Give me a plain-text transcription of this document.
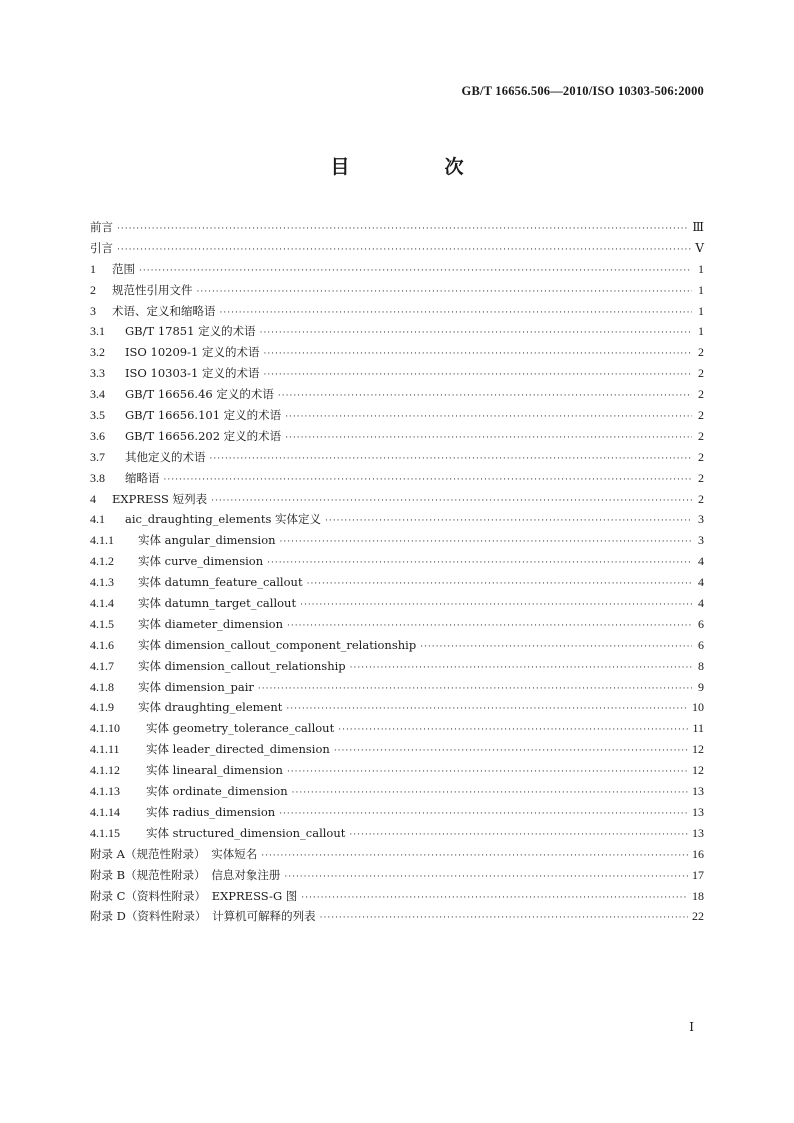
GB/T 16656.506—2010/ISO 10303-506:2000
目　次
前言 ·····	Ⅲ
引言 ·····	Ⅴ
1	范围 ·····	1
2	规范性引用文件 ·····	1
3	术语、定义和缩略语 ·····	1
3.1	GB/T 17851 定义的术语 ·····	1
3.2	ISO 10209-1 定义的术语 ·····	2
3.3	ISO 10303-1 定义的术语 ·····	2
3.4	GB/T 16656.46 定义的术语 ·····	2
3.5	GB/T 16656.101 定义的术语 ·····	2
3.6	GB/T 16656.202 定义的术语 ·····	2
3.7	其他定义的术语 ·····	2
3.8	缩略语 ·····	2
4	EXPRESS 短列表 ·····	2
4.1	aic_draughting_elements 实体定义 ·····	3
4.1.1	实体 angular_dimension ·····	3
4.1.2	实体 curve_dimension ·····	4
4.1.3	实体 datumn_feature_callout ·····	4
4.1.4	实体 datumn_target_callout ·····	4
4.1.5	实体 diameter_dimension ·····	6
4.1.6	实体 dimension_callout_component_relationship ·····	6
4.1.7	实体 dimension_callout_relationship ·····	8
4.1.8	实体 dimension_pair ·····	9
4.1.9	实体 draughting_element ·····	10
4.1.10	实体 geometry_tolerance_callout ·····	11
4.1.11	实体 leader_directed_dimension ·····	12
4.1.12	实体 linearal_dimension ·····	12
4.1.13	实体 ordinate_dimension ·····	13
4.1.14	实体 radius_dimension ·····	13
4.1.15	实体 structured_dimension_callout ·····	13
附录 A（规范性附录）　实体短名 ·····	16
附录 B（规范性附录）　信息对象注册 ·····	17
附录 C（资料性附录）　EXPRESS-G 图 ·····	18
附录 D（资料性附录）　计算机可解释的列表 ·····	22
Ⅰ
